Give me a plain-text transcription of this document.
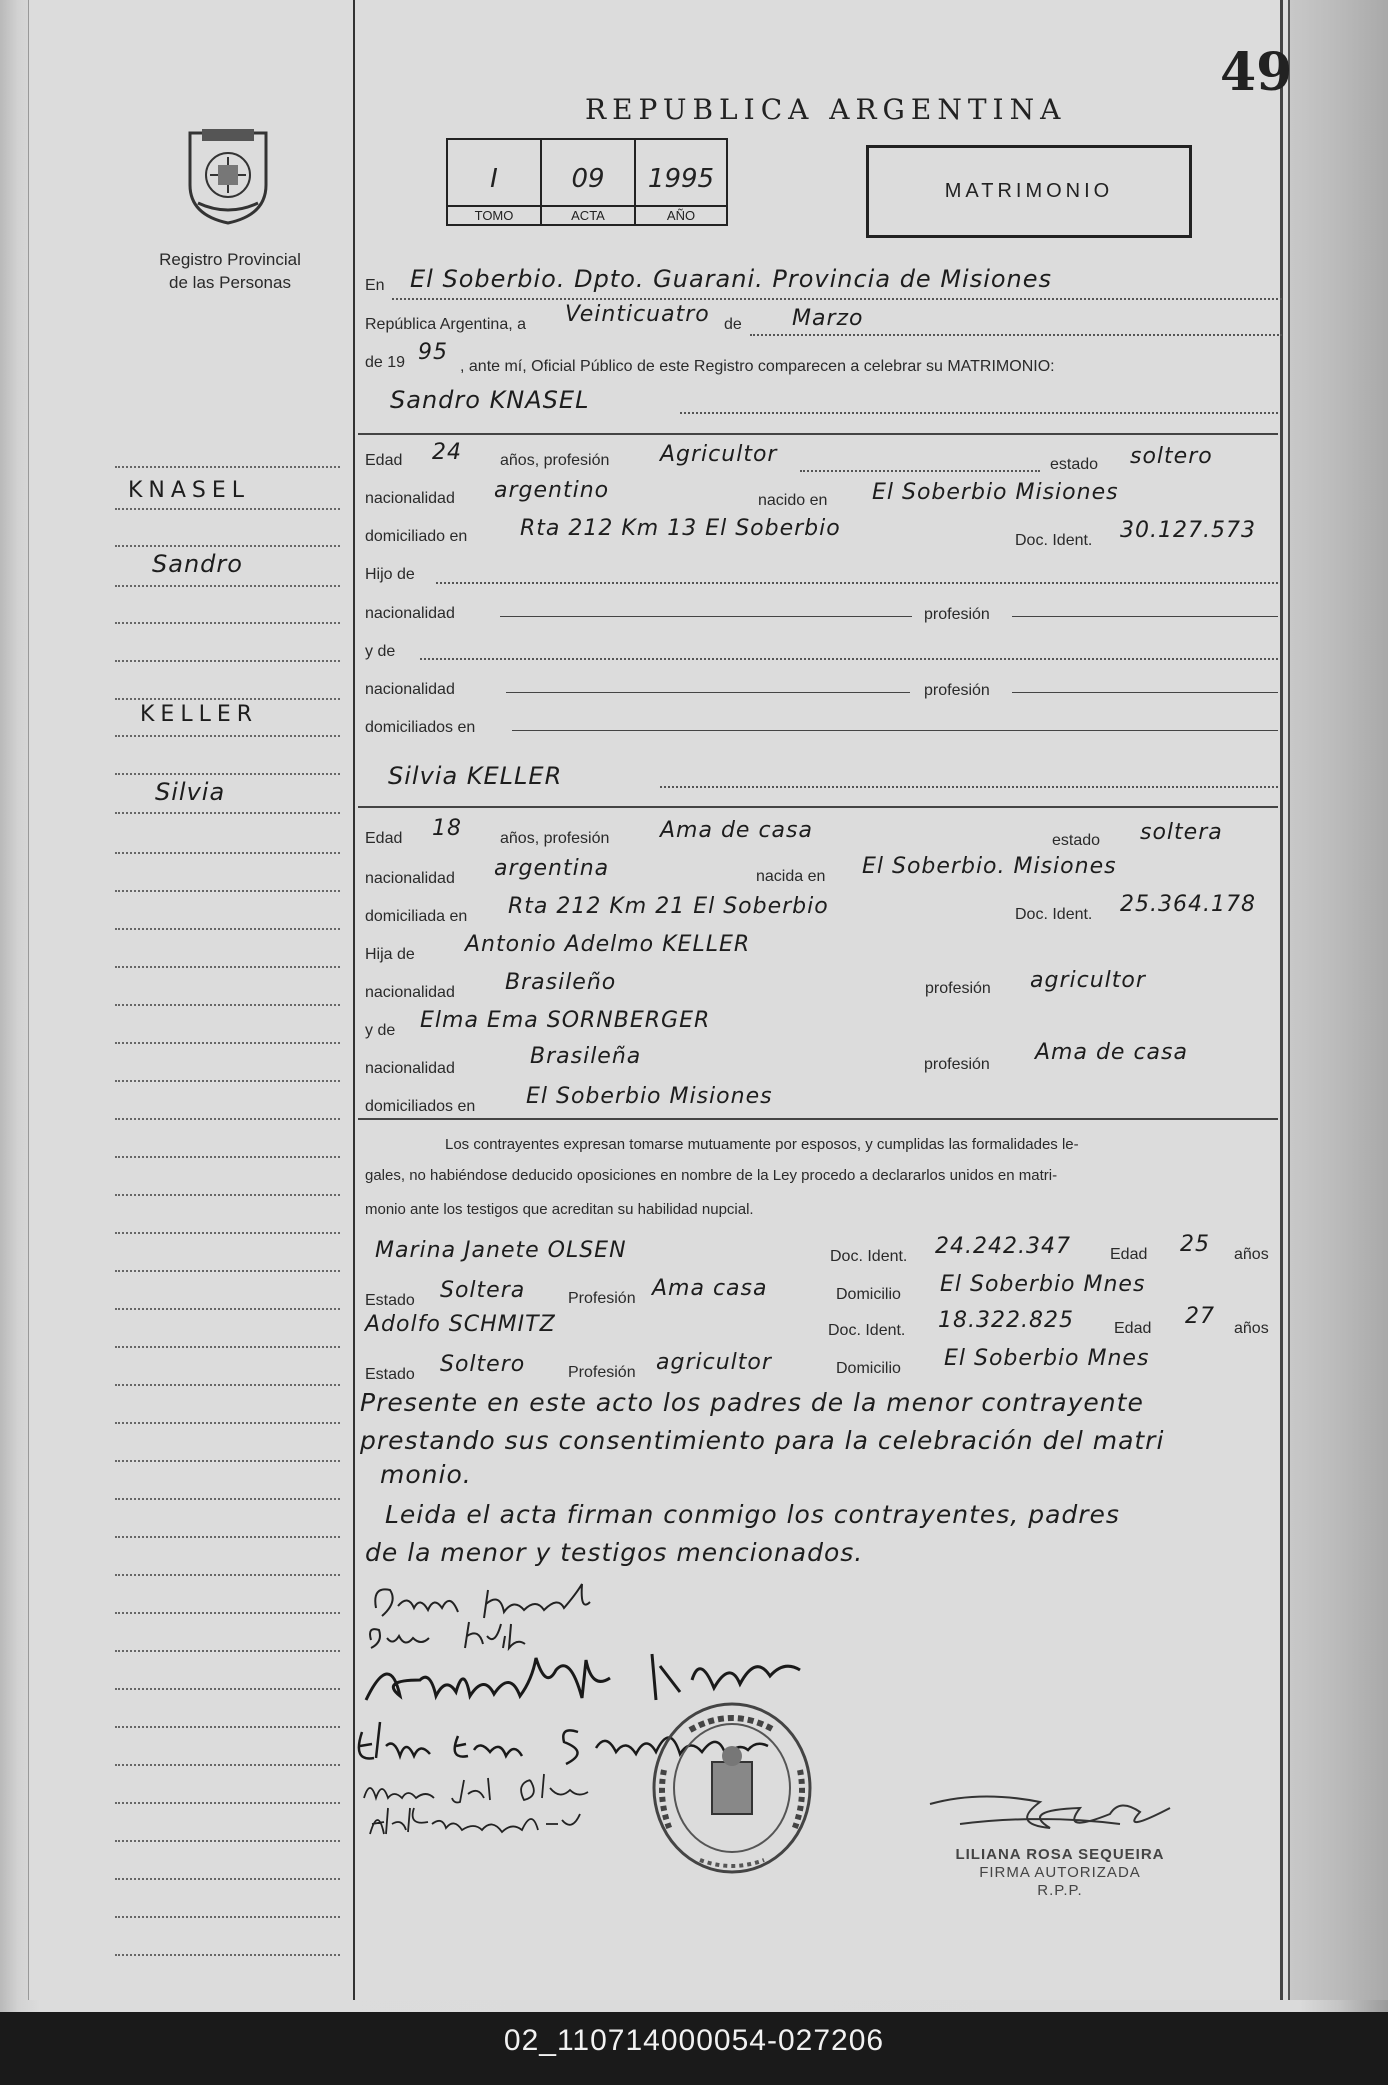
49
REPUBLICA ARGENTINA
I
TOMO
09
ACTA
1995
AÑO
MATRIMONIO
Registro Provincial
de las Personas
KNASEL
Sandro
KELLER
Silvia
En El Soberbio. Dpto. Guarani. Provincia de Misiones
República Argentina, a Veinticuatro de Marzo
de 19 95
, ante mí, Oficial Público de este Registro comparecen a celebrar su MATRIMONIO:
Sandro KNASEL
Edad 24 años, profesión Agricultor	estado soltero
nacionalidad argentino	nacido en El Soberbio Misiones
domiciliado en Rta 212 Km 13 El Soberbio	Doc. Ident. 30.127.573
Hijo de
nacionalidad	profesión
y de
nacionalidad	profesión
domiciliados en
Silvia KELLER
Edad 18 años, profesión Ama de casa	estado soltera
nacionalidad argentina	nacida en El Soberbio. Misiones
domiciliada en Rta 212 Km 21 El Soberbio	Doc. Ident. 25.364.178
Hija de Antonio Adelmo KELLER
nacionalidad Brasileño	profesión agricultor
y de Elma Ema SORNBERGER
nacionalidad	Brasileña	profesión Ama de casa
domiciliados en El Soberbio Misiones
Los contrayentes expresan tomarse mutuamente por esposos, y cumplidas las formalidades le-
gales, no habiéndose deducido oposiciones en nombre de la Ley procedo a declararlos unidos en matri-
monio ante los testigos que acreditan su habilidad nupcial.
Marina Janete OLSEN	Doc. Ident. 24.242.347 Edad 25 años
Estado Soltera	Profesión Ama casa	Domicilio El Soberbio Mnes
Adolfo SCHMITZ	Doc. Ident. 18.322.825	Edad 27 años
Estado Soltero	Profesión agricultor	Domicilio El Soberbio Mnes
Presente en este acto los padres de la menor contrayente
prestando sus consentimiento para la celebración del matri
monio.
Leida el acta firman conmigo los contrayentes, padres
de la menor y testigos mencionados.
LILIANA ROSA SEQUEIRA
FIRMA AUTORIZADA
R.P.P.
02_110714000054-027206
